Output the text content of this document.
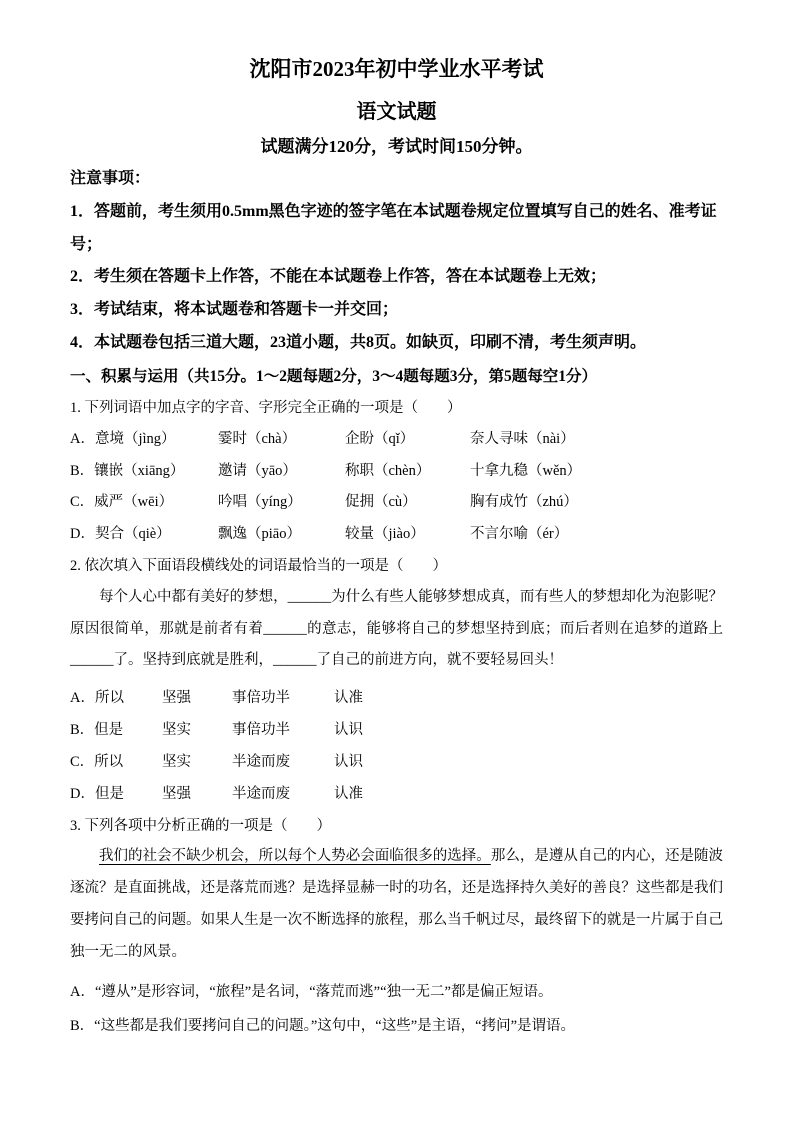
沈阳市2023年初中学业水平考试
语文试题

试题满分120分，考试时间150分钟。

注意事项：

1．答题前，考生须用0.5mm黑色字迹的签字笔在本试题卷规定位置填写自己的姓名、准考证号；

2．考生须在答题卡上作答，不能在本试题卷上作答，答在本试题卷上无效；

3．考试结束，将本试题卷和答题卡一并交回；

4．本试题卷包括三道大题，23道小题，共8页。如缺页，印刷不清，考生须声明。

一、积累与运用（共15分。1～2题每题2分，3～4题每题3分，第5题每空1分）

1. 下列词语中加点字的字音、字形完全正确的一项是（　　）

A．意境（jìng）	霎时（chà）	企盼（qǐ）	奈人寻味（nài）
B．镶嵌（xiāng）	邀请（yāo）	称职（chèn）	十拿九稳（wěn）
C．威严（wēi）	吟唱（yíng）	促拥（cù）	胸有成竹（zhú）
D．契合（qiè）	飘逸（piāo）	较量（jiào）	不言尔喻（ér）

2. 依次填入下面语段横线处的词语最恰当的一项是（　　）

每个人心中都有美好的梦想，______为什么有些人能够梦想成真，而有些人的梦想却化为泡影呢？原因很简单，那就是前者有着______的意志，能够将自己的梦想坚持到底；而后者则在追梦的道路上______了。坚持到底就是胜利，______了自己的前进方向，就不要轻易回头！

A．所以	坚强	事倍功半	认准
B．但是	坚实	事倍功半	认识
C．所以	坚实	半途而废	认识
D．但是	坚强	半途而废	认准

3. 下列各项中分析正确的一项是（　　）

我们的社会不缺少机会，所以每个人势必会面临很多的选择。那么，是遵从自己的内心，还是随波逐流？是直面挑战，还是落荒而逃？是选择显赫一时的功名，还是选择持久美好的善良？这些都是我们要拷问自己的问题。如果人生是一次不断选择的旅程，那么当千帆过尽，最终留下的就是一片属于自己独一无二的风景。

A．“遵从”是形容词，“旅程”是名词，“落荒而逃”“独一无二”都是偏正短语。

B．“这些都是我们要拷问自己的问题。”这句中，“这些”是主语，“拷问”是谓语。
